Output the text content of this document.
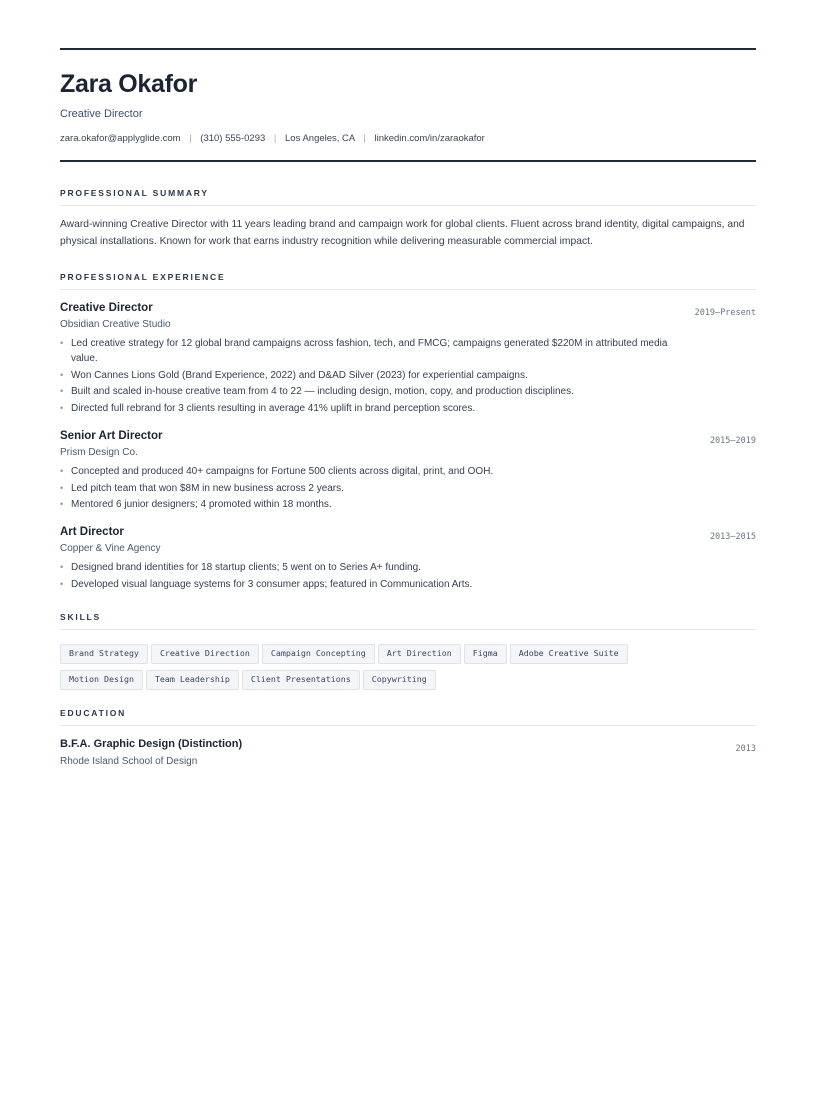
Zara Okafor
Creative Director
zara.okafor@applyglide.com | (310) 555-0293 | Los Angeles, CA | linkedin.com/in/zaraokafor
PROFESSIONAL SUMMARY
Award-winning Creative Director with 11 years leading brand and campaign work for global clients. Fluent across brand identity, digital campaigns, and physical installations. Known for work that earns industry recognition while delivering measurable commercial impact.
PROFESSIONAL EXPERIENCE
2019–Present
Creative Director
Obsidian Creative Studio
• Led creative strategy for 12 global brand campaigns across fashion, tech, and FMCG; campaigns generated $220M in attributed media value.
• Won Cannes Lions Gold (Brand Experience, 2022) and D&AD Silver (2023) for experiential campaigns.
• Built and scaled in-house creative team from 4 to 22 — including design, motion, copy, and production disciplines.
• Directed full rebrand for 3 clients resulting in average 41% uplift in brand perception scores.
2015–2019
Senior Art Director
Prism Design Co.
• Concepted and produced 40+ campaigns for Fortune 500 clients across digital, print, and OOH.
• Led pitch team that won $8M in new business across 2 years.
• Mentored 6 junior designers; 4 promoted within 18 months.
2013–2015
Art Director
Copper & Vine Agency
• Designed brand identities for 18 startup clients; 5 went on to Series A+ funding.
• Developed visual language systems for 3 consumer apps; featured in Communication Arts.
SKILLS
Brand Strategy	Creative Direction	Campaign Concepting	Art Direction	Figma	Adobe Creative Suite
Motion Design	Team Leadership	Client Presentations	Copywriting
EDUCATION
2013
B.F.A. Graphic Design (Distinction)
Rhode Island School of Design
